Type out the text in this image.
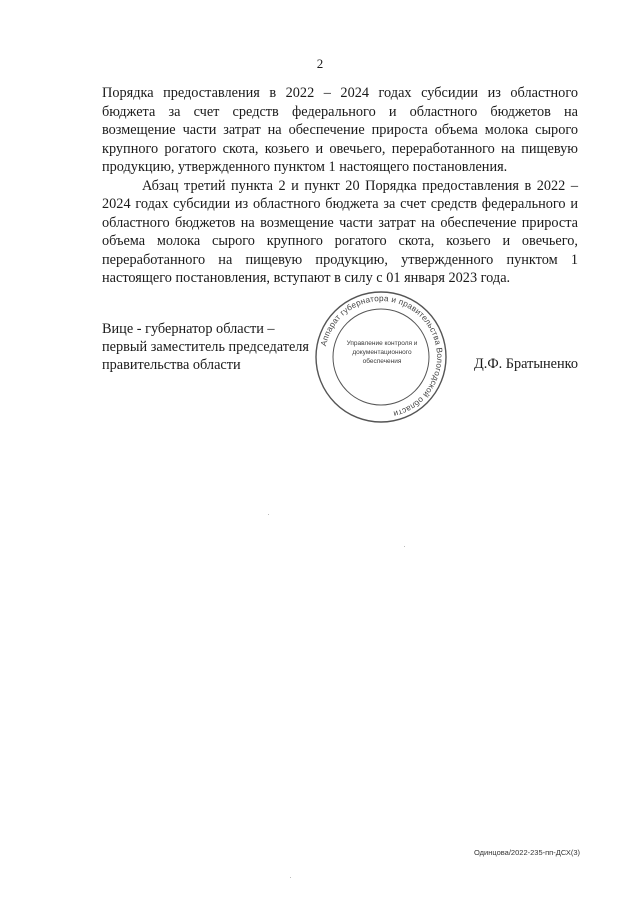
2

Порядка предоставления в 2022 – 2024 годах субсидии из областного бюджета за счет средств федерального и областного бюджетов на возмещение части затрат на обеспечение прироста объема молока сырого крупного рогатого скота, козьего и овечьего, переработанного на пищевую продукцию, утвержденного пунктом 1 настоящего постановления.

Абзац третий пункта 2 и пункт 20 Порядка предоставления в 2022 – 2024 годах субсидии из областного бюджета за счет средств федерального и областного бюджетов на возмещение части затрат на обеспечение прироста объема молока сырого крупного рогатого скота, козьего и овечьего, переработанного на пищевую продукцию, утвержденного пунктом 1 настоящего постановления, вступают в силу с 01 января 2023 года.

Вице - губернатор области –
первый заместитель председателя
правительства области
Аппарат губернатора и правительства Вологодской области
Управление контроля и
документационного
обеспечения	Д.Ф. Братыненко
Одинцова/2022-235-пп-ДСХ(3)
